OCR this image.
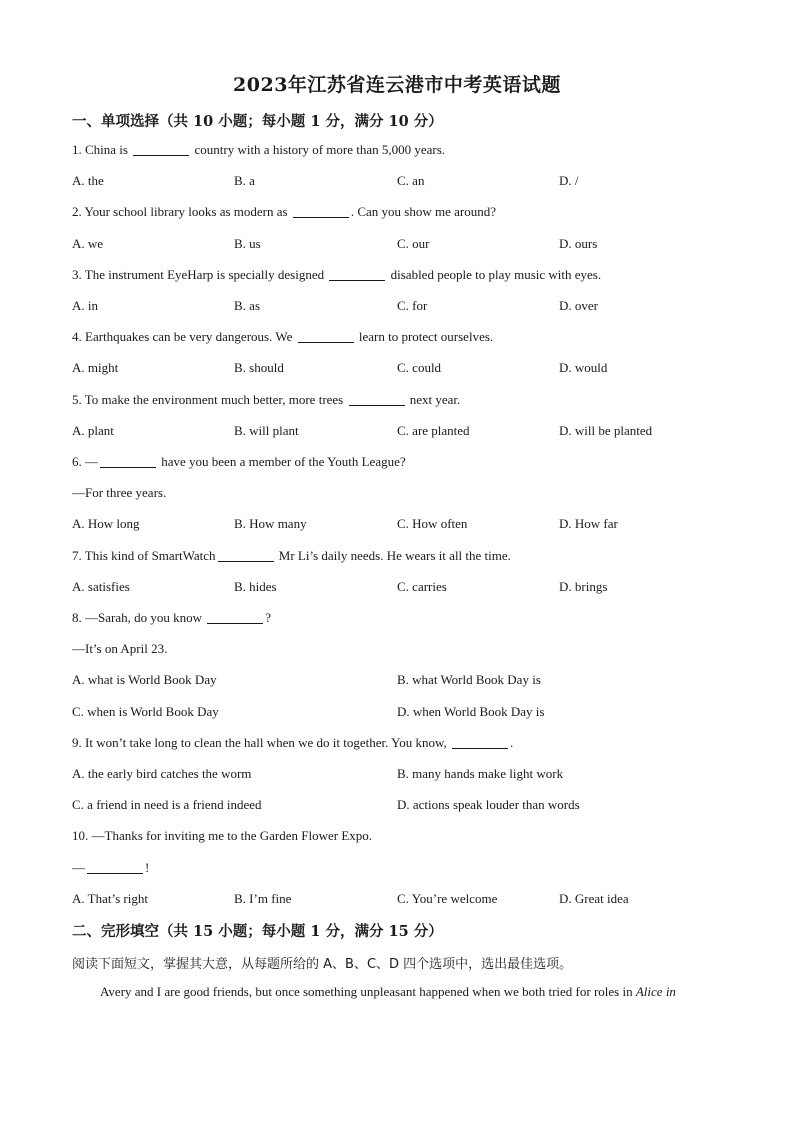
2023年江苏省连云港市中考英语试题
一、单项选择（共 10 小题；每小题 1 分，满分 10 分）
1. China is	country with a history of more than 5,000 years.
A. the	B. a	C. an	D. /
2. Your school library looks as modern as	. Can you show me around?
A. we	B. us	C. our	D. ours
3. The instrument EyeHarp is specially designed	disabled people to play music with eyes.
A. in	B. as	C. for	D. over
4. Earthquakes can be very dangerous. We	learn to protect ourselves.
A. might	B. should	C. could	D. would
5. To make the environment much better, more trees	next year.
A. plant	B. will plant	C. are planted	D. will be planted
6. —	have you been a member of the Youth League?
—For three years.
A. How long	B. How many	C. How often	D. How far
7. This kind of SmartWatch	Mr Li’s daily needs. He wears it all the time.
A. satisfies	B. hides	C. carries	D. brings
8. —Sarah, do you know	?
—It’s on April 23.
A. what is World Book Day	B. what World Book Day is
C. when is World Book Day	D. when World Book Day is
9. It won’t take long to clean the hall when we do it together. You know,	.
A. the early bird catches the worm	B. many hands make light work
C. a friend in need is a friend indeed	D. actions speak louder than words
10. —Thanks for inviting me to the Garden Flower Expo.
—	!
A. That’s right	B. I’m fine	C. You’re welcome	D. Great idea
二、完形填空（共 15 小题；每小题 1 分，满分 15 分）
阅读下面短文，掌握其大意，从每题所给的 A、B、C、D 四个选项中，选出最佳选项。
Avery and I are good friends, but once something unpleasant happened when we both tried for roles in Alice in
